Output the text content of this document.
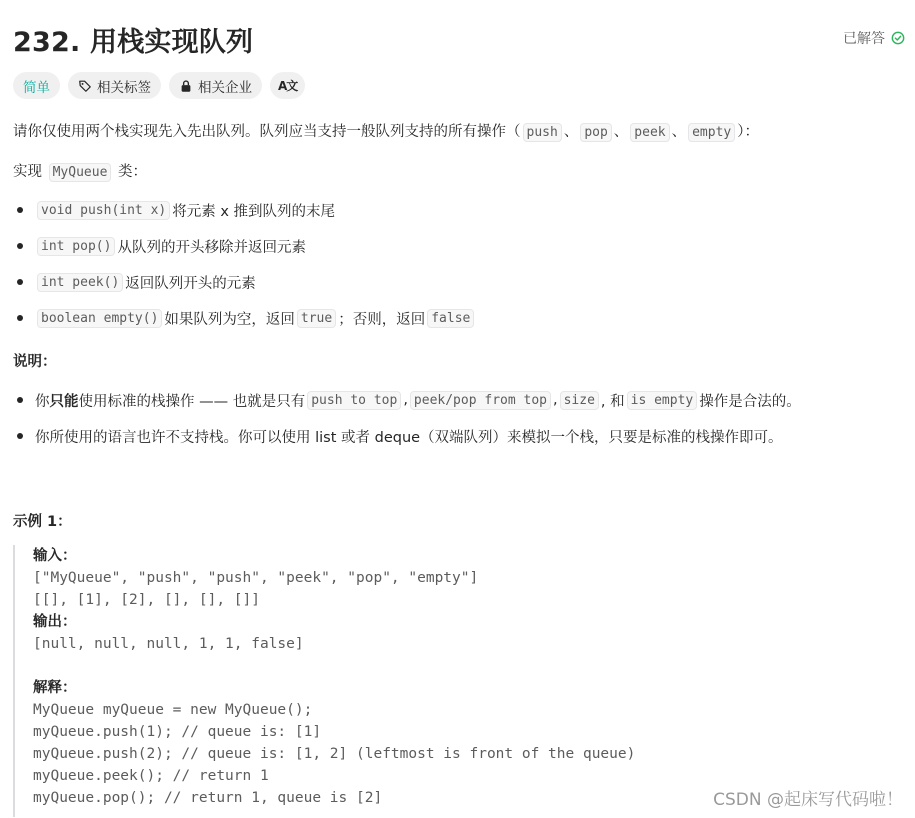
232. 用栈实现队列	已解答
简单	相关标签	相关企业 A文

请你仅使用两个栈实现先入先出队列。队列应当支持一般队列支持的所有操作（ push 、 pop 、 peek 、 empty ）：

实现 MyQueue 类：

void push(int x) 将元素 x 推到队列的末尾
int pop() 从队列的开头移除并返回元素
int peek() 返回队列开头的元素
boolean empty() 如果队列为空，返回 true ；否则，返回 false

说明：

你 只能 使用标准的栈操作 —— 也就是只有 push to top , peek/pop from top , size , 和 is empty 操作是合法的。
你所使用的语言也许不支持栈。你可以使用 list 或者 deque（双端队列）来模拟一个栈，只要是标准的栈操作即可。

示例 1：

输入：
["MyQueue", "push", "push", "peek", "pop", "empty"]
[[], [1], [2], [], [], []]
输出：
[null, null, null, 1, 1, false]
解释：
MyQueue myQueue = new MyQueue();
myQueue.push(1); // queue is: [1]
myQueue.push(2); // queue is: [1, 2] (leftmost is front of the queue)
myQueue.peek(); // return 1
myQueue.pop(); // return 1, queue is [2]	CSDN @起床写代码啦！
